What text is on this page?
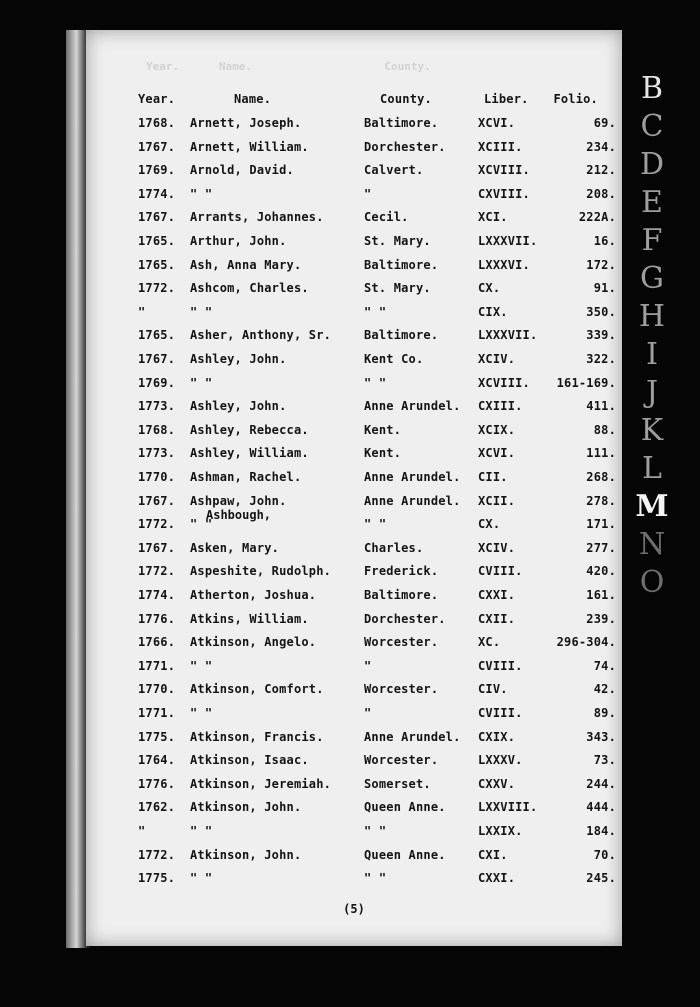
Year.      Name.                    County.
Year.	Name.	County.	Liber.	Folio.
1768.	Arnett, Joseph.	Baltimore.	XCVI.	69.
1767.	Arnett, William.	Dorchester.	XCIII.	234.
1769.	Arnold, David.	Calvert.	XCVIII.	212.
1774.	" "	"	CXVIII.	208.
1767.	Arrants, Johannes.	Cecil.	XCI.	222A.
1765.	Arthur, John.	St. Mary.	LXXXVII.	16.
1765.	Ash, Anna Mary.	Baltimore.	LXXXVI.	172.
1772.	Ashcom, Charles.	St. Mary.	CX.	91.
"	" "	" "	CIX.	350.
1765.	Asher, Anthony, Sr.	Baltimore.	LXXXVII.	339.
1767.	Ashley, John.	Kent Co.	XCIV.	322.
1769.	" "	" "	XCVIII.	161-169.
1773.	Ashley, John.	Anne Arundel.	CXIII.	411.
1768.	Ashley, Rebecca.	Kent.	XCIX.	88.
1773.	Ashley, William.	Kent.	XCVI.	111.
1770.	Ashman, Rachel.	Anne Arundel.	CII.	268.
1767.	Ashpaw, John.	Anne Arundel.	XCII.	278.
1772.	" "	" "	CX.	171.
1767.	Asken, Mary.	Charles.	XCIV.	277.
1772.	Aspeshite, Rudolph.	Frederick.	CVIII.	420.
1774.	Atherton, Joshua.	Baltimore.	CXXI.	161.
1776.	Atkins, William.	Dorchester.	CXII.	239.
1766.	Atkinson, Angelo.	Worcester.	XC.	296-304.
1771.	" "	"	CVIII.	74.
1770.	Atkinson, Comfort.	Worcester.	CIV.	42.
1771.	" "	"	CVIII.	89.
1775.	Atkinson, Francis.	Anne Arundel.	CXIX.	343.
1764.	Atkinson, Isaac.	Worcester.	LXXXV.	73.
1776.	Atkinson, Jeremiah.	Somerset.	CXXV.	244.
1762.	Atkinson, John.	Queen Anne.	LXXVIII.	444.
"	" "	" "	LXXIX.	184.
1772.	Atkinson, John.	Queen Anne.	CXI.	70.
1775.	" "	" "	CXXI.	245.
Ashbough,
(5)
B
C
D
E
F
G
H
I
J
K
L
M
N
O
